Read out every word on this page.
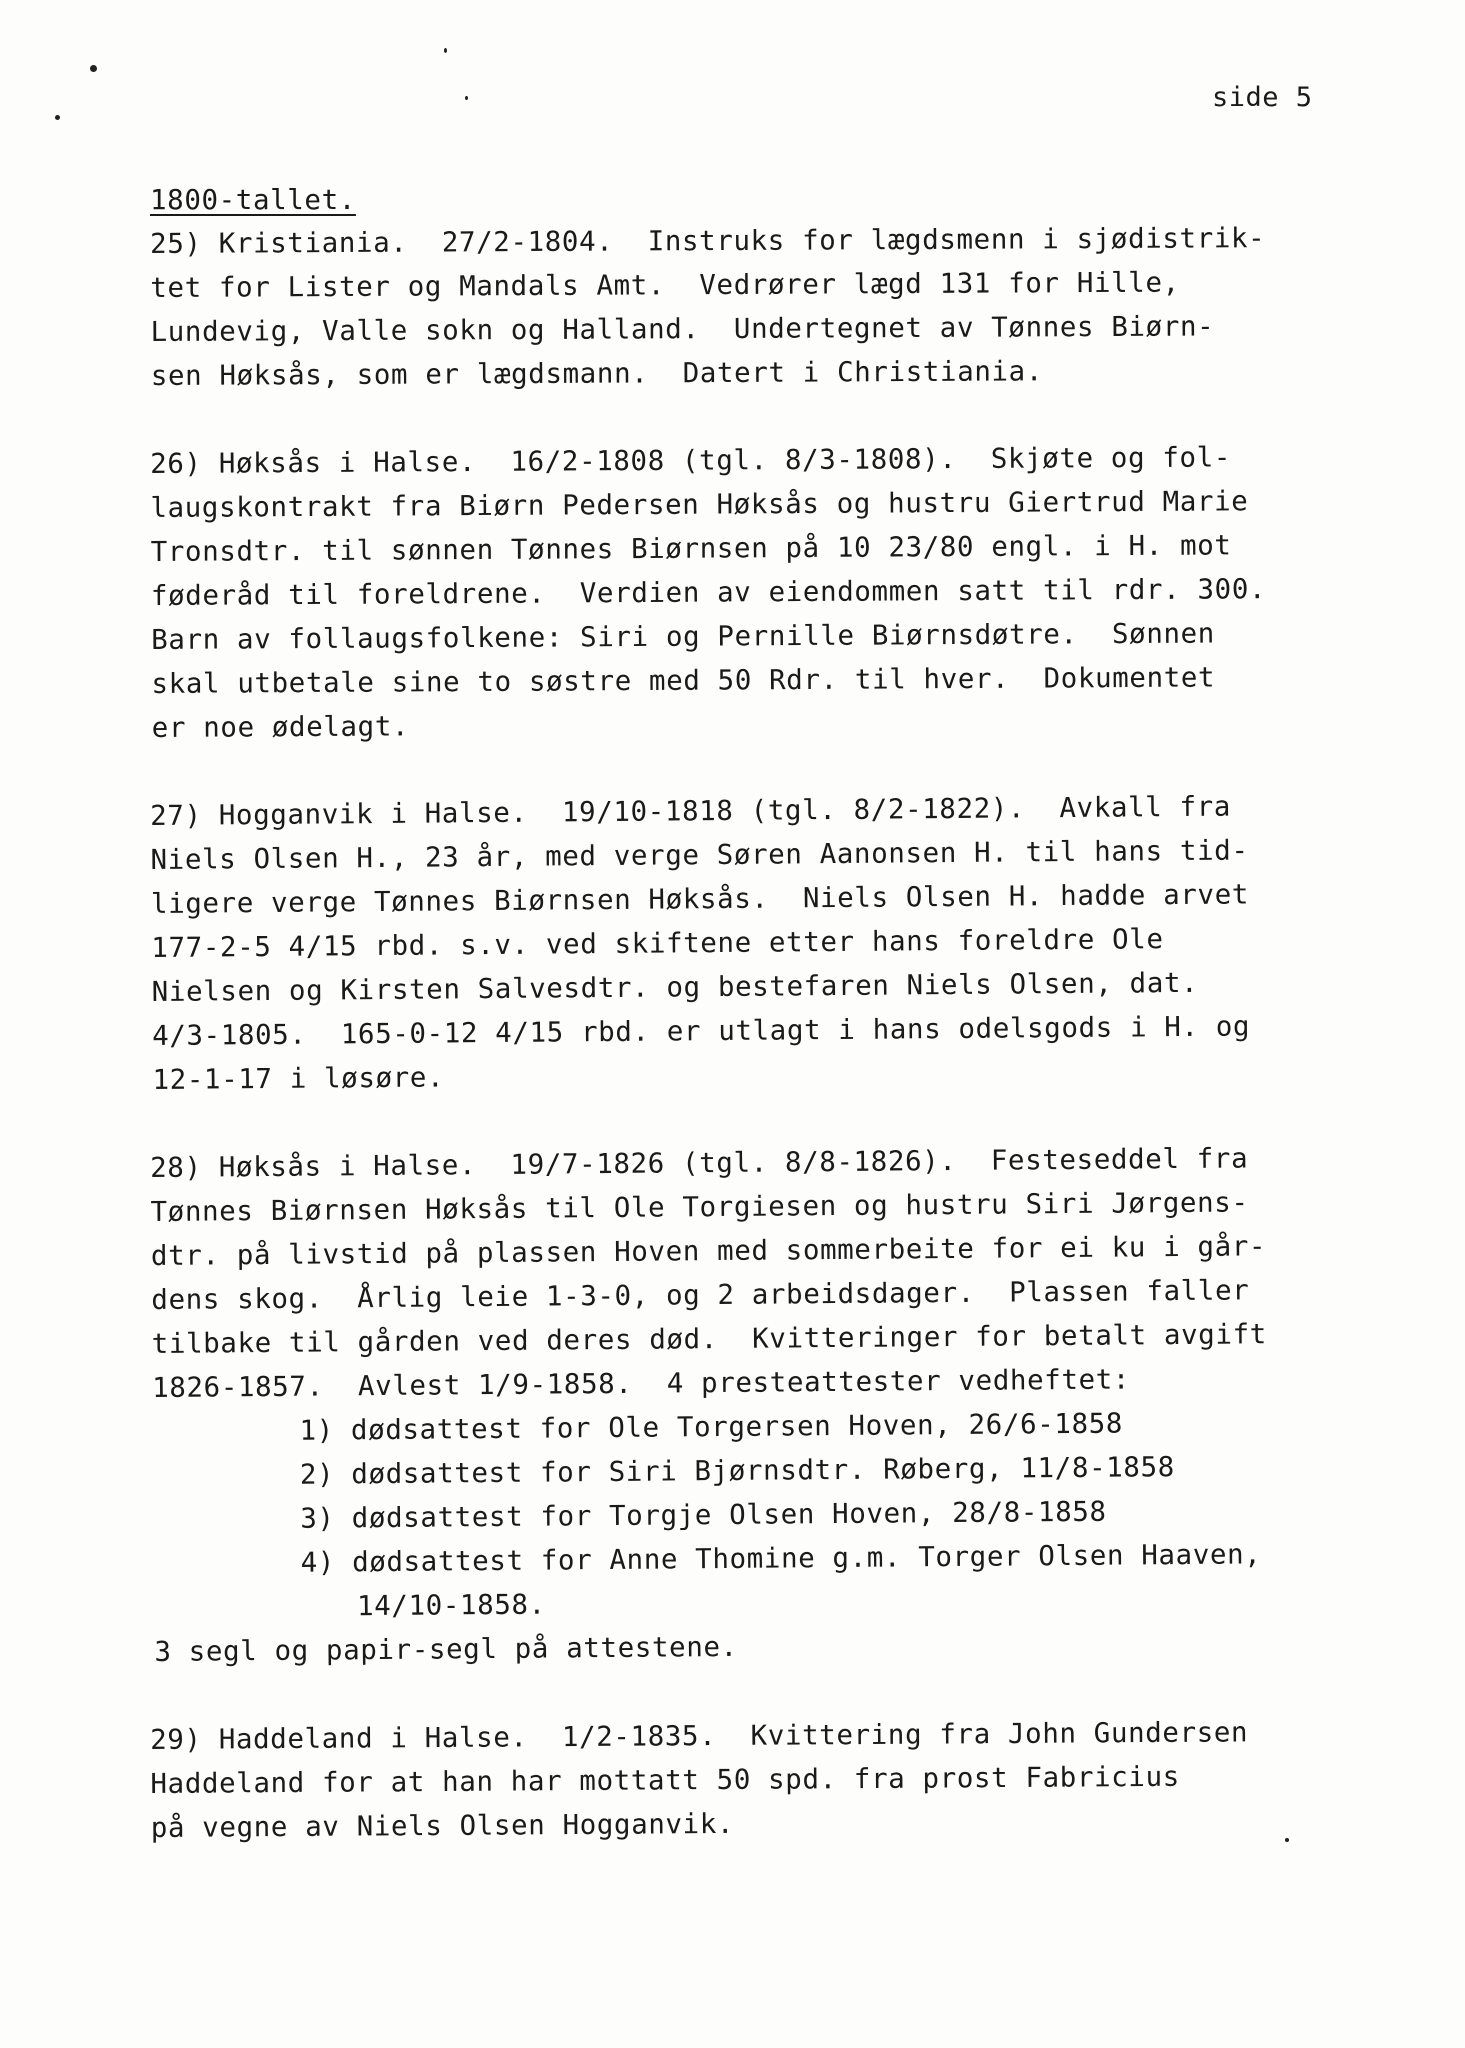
side 5
1800-tallet.
25) Kristiania.  27/2-1804.  Instruks for lægdsmenn i sjødistrik-
tet for Lister og Mandals Amt.  Vedrører lægd 131 for Hille,
Lundevig, Valle sokn og Halland.  Undertegnet av Tønnes Biørn-
sen Høksås, som er lægdsmann.  Datert i Christiania.
26) Høksås i Halse.  16/2-1808 (tgl. 8/3-1808).  Skjøte og fol-
laugskontrakt fra Biørn Pedersen Høksås og hustru Giertrud Marie
Tronsdtr. til sønnen Tønnes Biørnsen på 10 23/80 engl. i H. mot
føderåd til foreldrene.  Verdien av eiendommen satt til rdr. 300.
Barn av follaugsfolkene: Siri og Pernille Biørnsdøtre.  Sønnen
skal utbetale sine to søstre med 50 Rdr. til hver.  Dokumentet
er noe ødelagt.
27) Hogganvik i Halse.  19/10-1818 (tgl. 8/2-1822).  Avkall fra
Niels Olsen H., 23 år, med verge Søren Aanonsen H. til hans tid-
ligere verge Tønnes Biørnsen Høksås.  Niels Olsen H. hadde arvet
177-2-5 4/15 rbd. s.v. ved skiftene etter hans foreldre Ole
Nielsen og Kirsten Salvesdtr. og bestefaren Niels Olsen, dat.
4/3-1805.  165-0-12 4/15 rbd. er utlagt i hans odelsgods i H. og
12-1-17 i løsøre.
28) Høksås i Halse.  19/7-1826 (tgl. 8/8-1826).  Festeseddel fra
Tønnes Biørnsen Høksås til Ole Torgiesen og hustru Siri Jørgens-
dtr. på livstid på plassen Hoven med sommerbeite for ei ku i går-
dens skog.  Årlig leie 1-3-0, og 2 arbeidsdager.  Plassen faller
tilbake til gården ved deres død.  Kvitteringer for betalt avgift
1826-1857.  Avlest 1/9-1858.  4 presteattester vedheftet:
1) dødsattest for Ole Torgersen Hoven, 26/6-1858
2) dødsattest for Siri Bjørnsdtr. Røberg, 11/8-1858
3) dødsattest for Torgje Olsen Hoven, 28/8-1858
4) dødsattest for Anne Thomine g.m. Torger Olsen Haaven,
14/10-1858.
3 segl og papir-segl på attestene.
29) Haddeland i Halse.  1/2-1835.  Kvittering fra John Gundersen
Haddeland for at han har mottatt 50 spd. fra prost Fabricius
på vegne av Niels Olsen Hogganvik.
